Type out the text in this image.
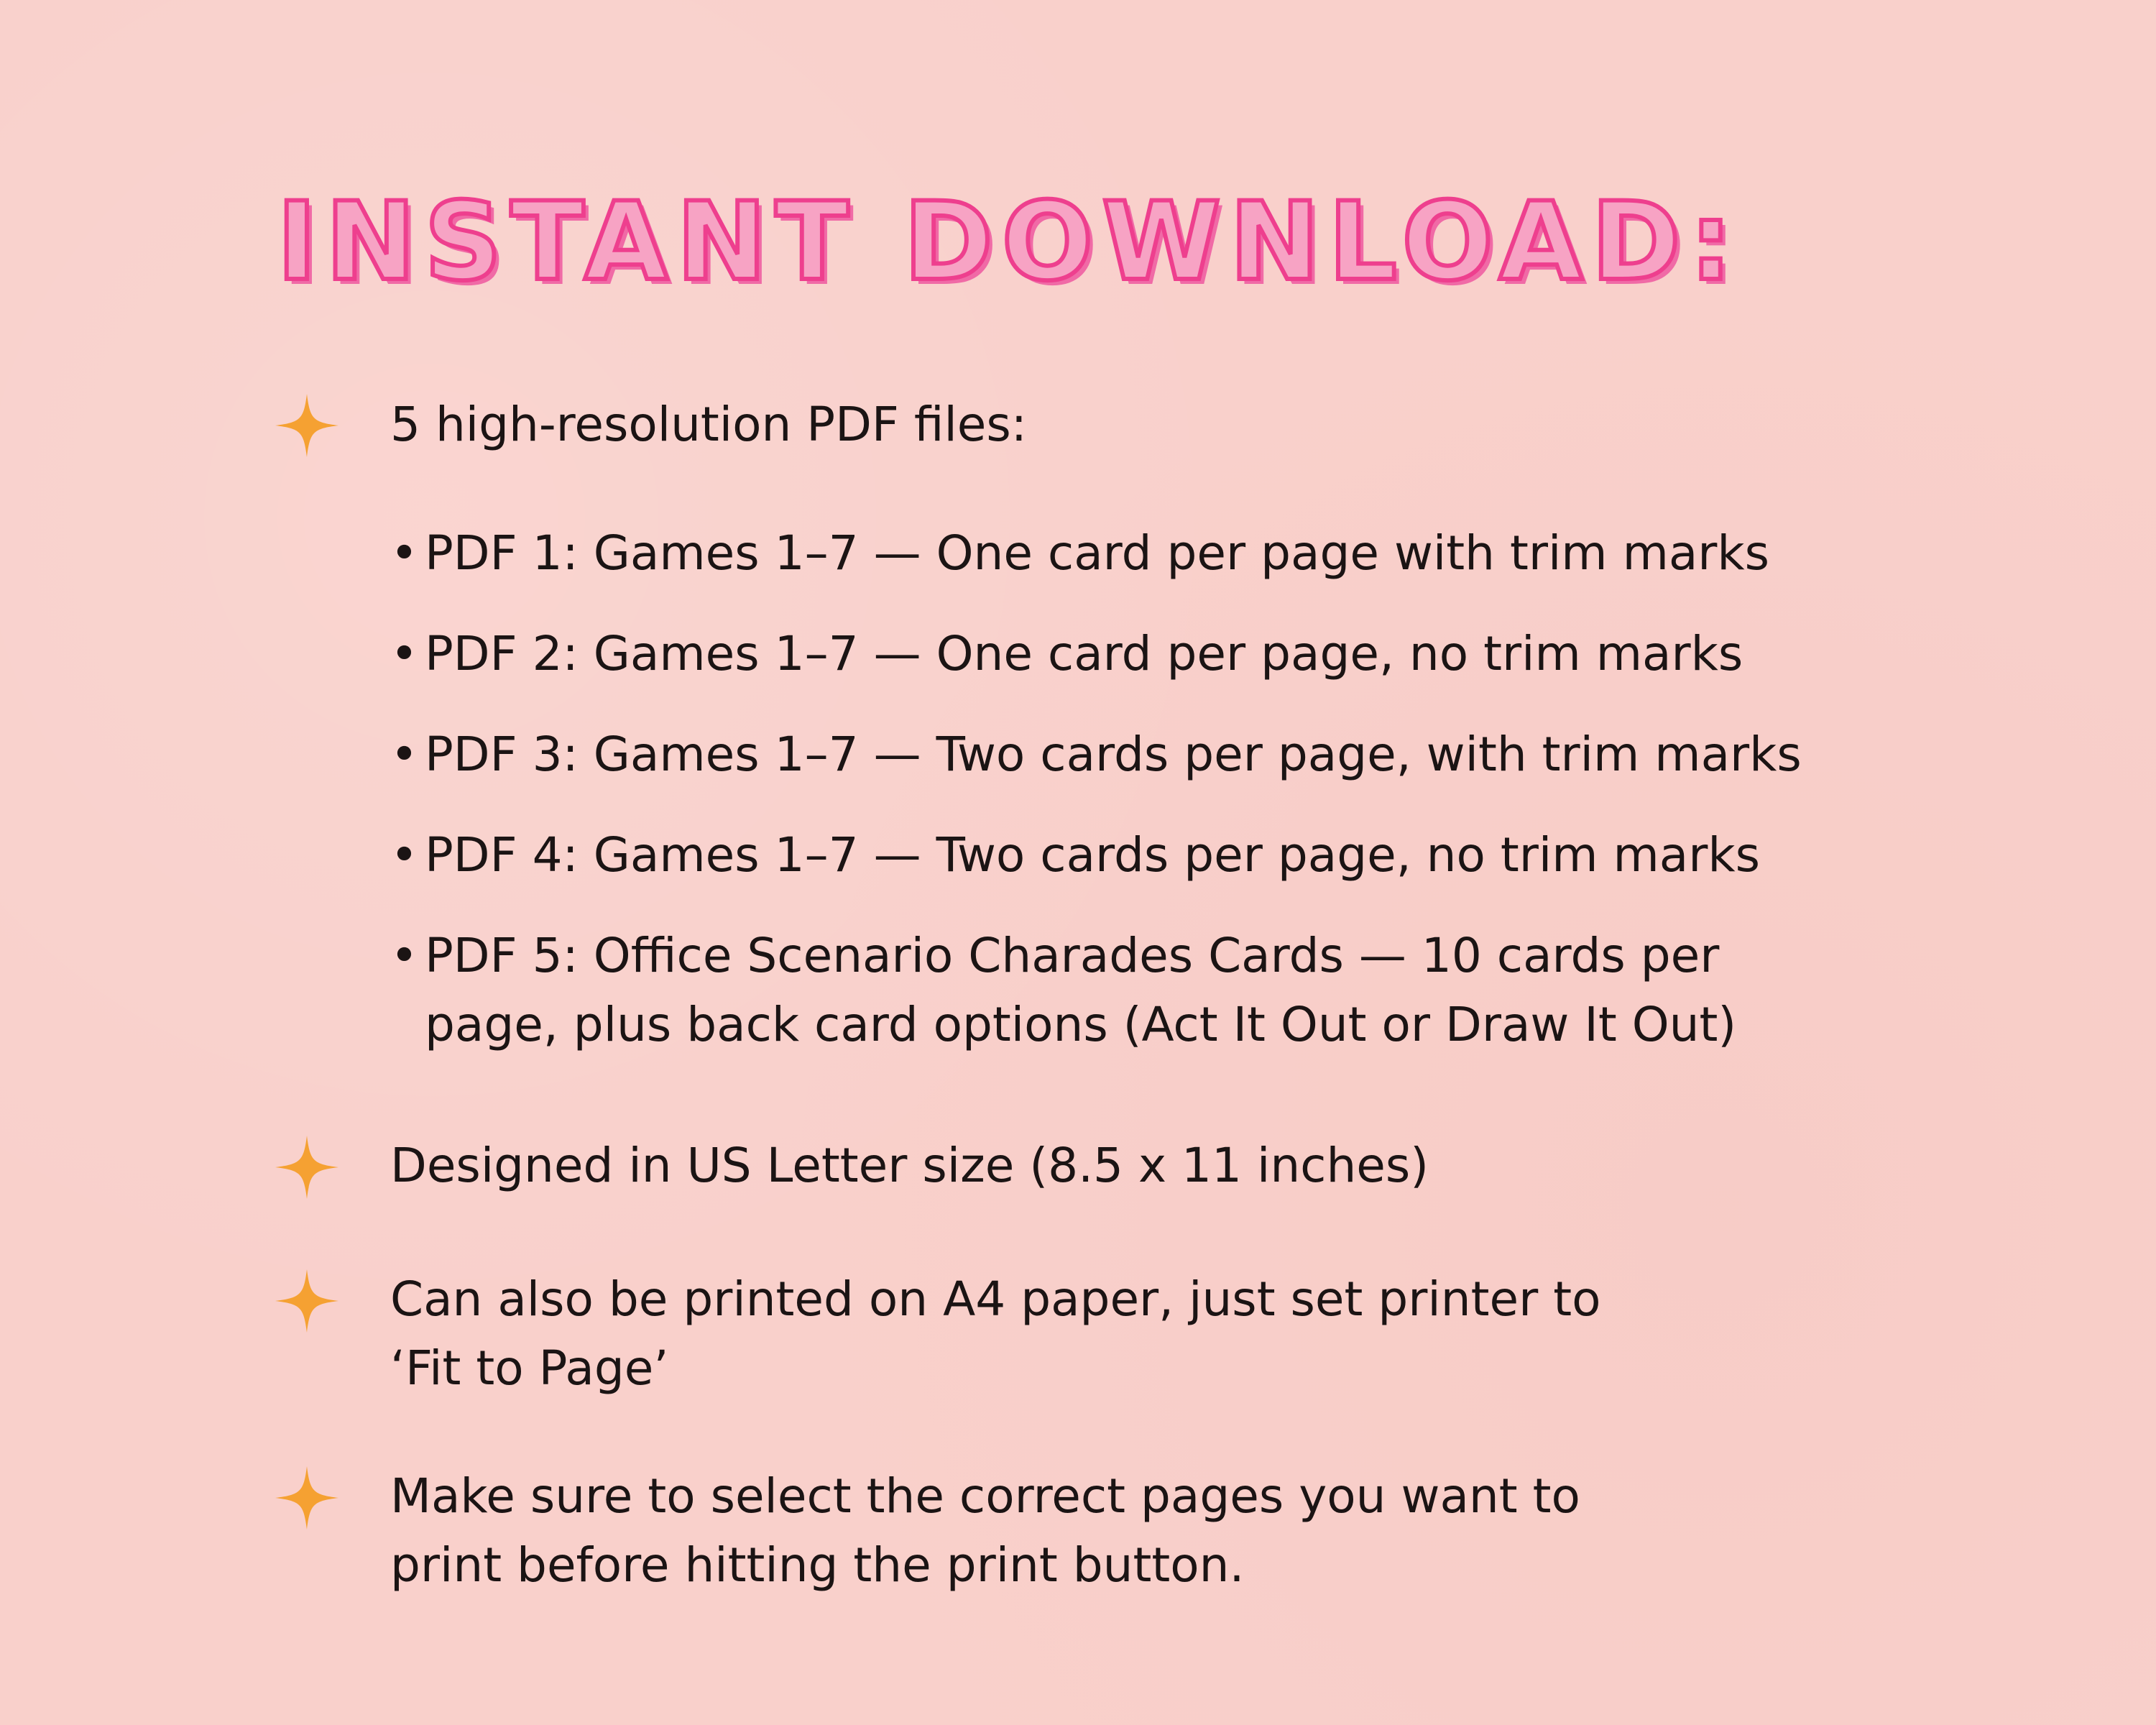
INSTANT DOWNLOAD:

5 high-resolution PDF files:

• PDF 1: Games 1–7 — One card per page with trim marks
• PDF 2: Games 1–7 — One card per page, no trim marks
• PDF 3: Games 1–7 — Two cards per page, with trim marks
• PDF 4: Games 1–7 — Two cards per page, no trim marks
• PDF 5: Office Scenario Charades Cards — 10 cards per
page, plus back card options (Act It Out or Draw It Out)

Designed in US Letter size (8.5 x 11 inches)

Can also be printed on A4 paper, just set printer to

‘Fit to Page’

Make sure to select the correct pages you want to

print before hitting the print button.
